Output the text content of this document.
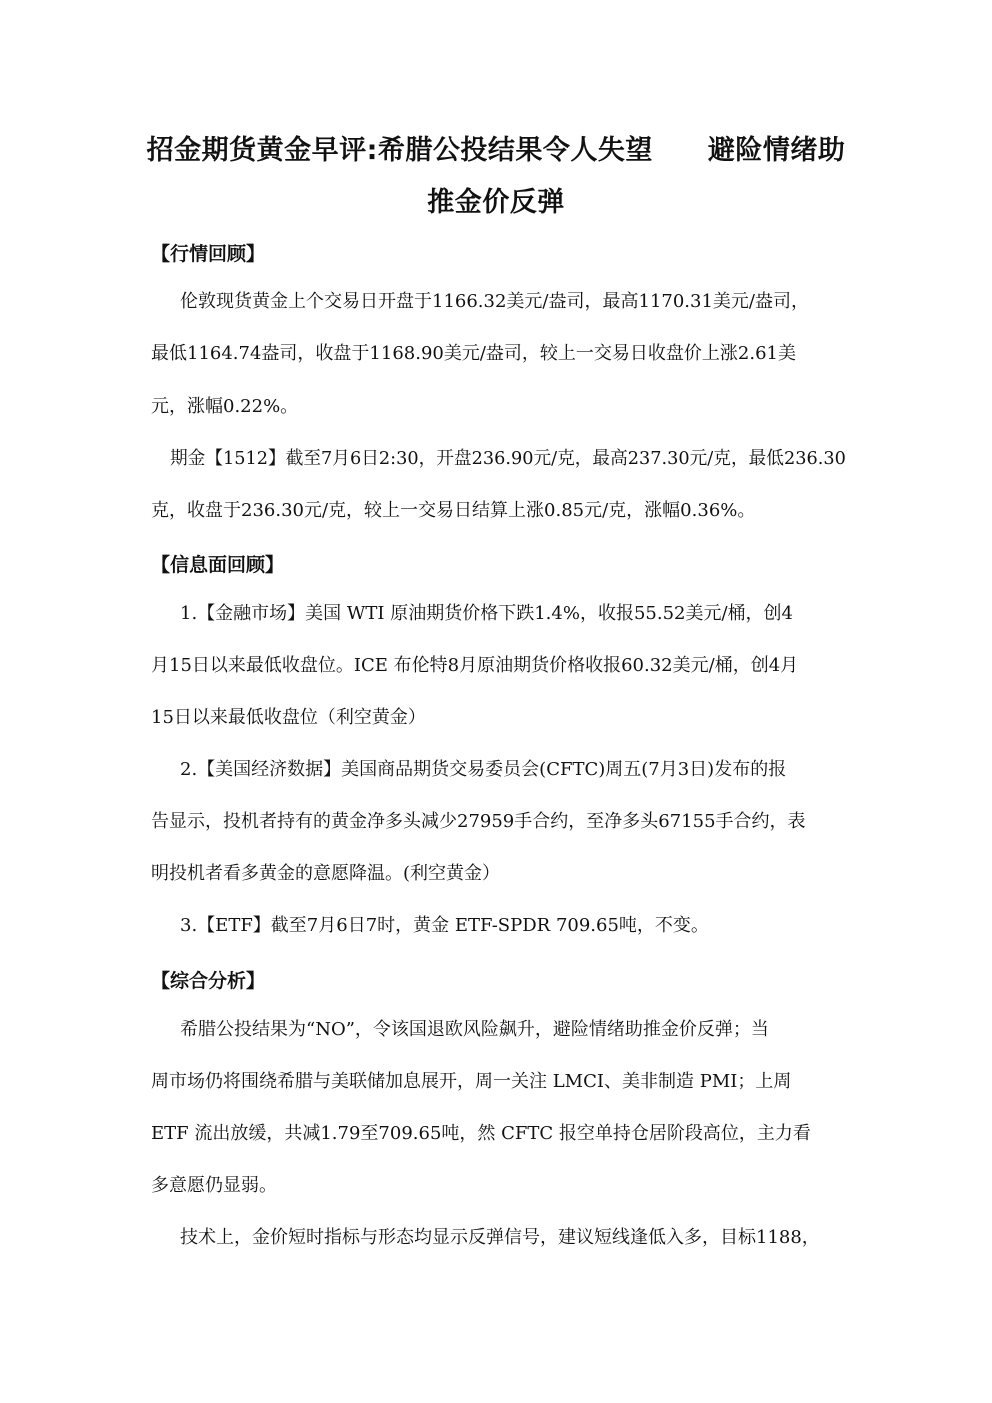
招金期货黄金早评:希腊公投结果令人失望　　避险情绪助
推金价反弹
【行情回顾】

伦敦现货黄金上个交易日开盘于1166.32美元/盎司，最高1170.31美元/盎司，

最低1164.74盎司，收盘于1168.90美元/盎司，较上一交易日收盘价上涨2.61美

元，涨幅0.22%。

期金【1512】截至7月6日2:30，开盘236.90元/克，最高237.30元/克，最低236.30

克，收盘于236.30元/克，较上一交易日结算上涨0.85元/克，涨幅0.36%。

【信息面回顾】

1.【金融市场】美国 WTI 原油期货价格下跌1.4%，收报55.52美元/桶，创4

月15日以来最低收盘位。ICE 布伦特8月原油期货价格收报60.32美元/桶，创4月

15日以来最低收盘位（利空黄金）

2.【美国经济数据】美国商品期货交易委员会(CFTC)周五(7月3日)发布的报

告显示，投机者持有的黄金净多头减少27959手合约，至净多头67155手合约，表

明投机者看多黄金的意愿降温。(利空黄金）

3.【ETF】截至7月6日7时，黄金 ETF-SPDR 709.65吨，不变。

【综合分析】

希腊公投结果为“NO”，令该国退欧风险飙升，避险情绪助推金价反弹；当

周市场仍将围绕希腊与美联储加息展开，周一关注 LMCI、美非制造 PMI；上周

ETF 流出放缓，共减1.79至709.65吨，然 CFTC 报空单持仓居阶段高位，主力看

多意愿仍显弱。

技术上，金价短时指标与形态均显示反弹信号，建议短线逢低入多，目标1188，
